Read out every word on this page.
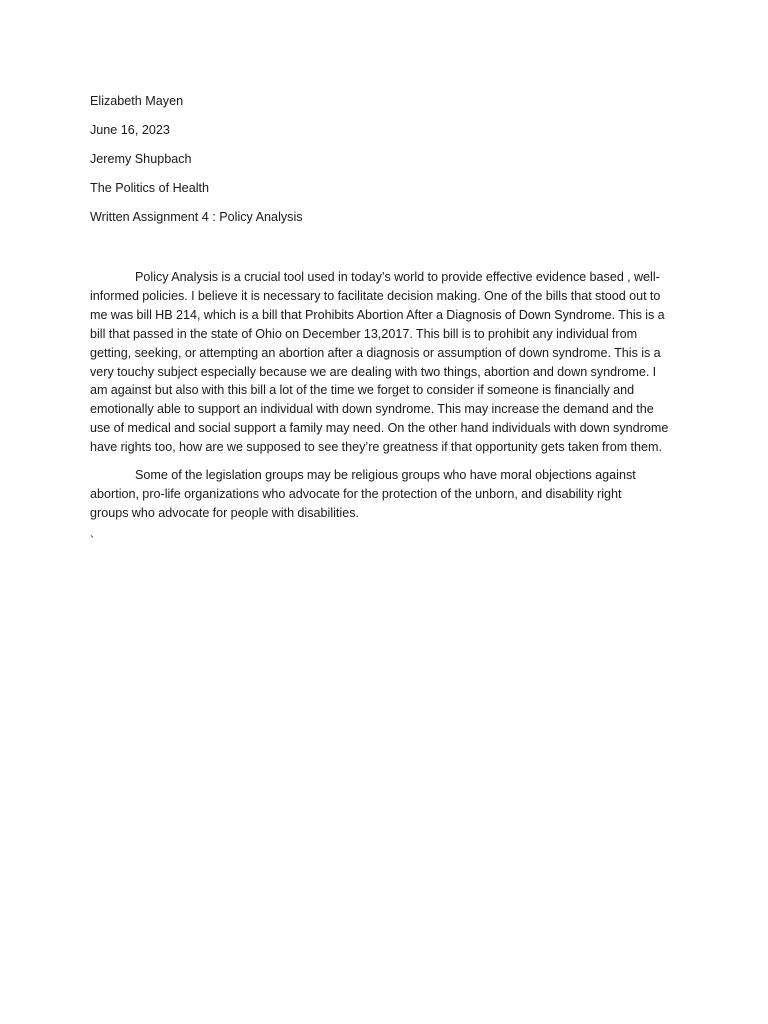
Elizabeth Mayen
June 16, 2023
Jeremy Shupbach
The Politics of Health
Written Assignment 4 : Policy Analysis

Policy Analysis is a crucial tool used in today’s world to provide effective evidence based , well-
informed policies. I believe it is necessary to facilitate decision making. One of the bills that stood out to
me was bill HB 214, which is a bill that Prohibits Abortion After a Diagnosis of Down Syndrome. This is a
bill that passed in the state of Ohio on December 13,2017. This bill is to prohibit any individual from
getting, seeking, or attempting an abortion after a diagnosis or assumption of down syndrome. This is a
very touchy subject especially because we are dealing with two things, abortion and down syndrome. I
am against but also with this bill a lot of the time we forget to consider if someone is financially and
emotionally able to support an individual with down syndrome. This may increase the demand and the
use of medical and social support a family may need. On the other hand individuals with down syndrome
have rights too, how are we supposed to see they’re greatness if that opportunity gets taken from them.

Some of the legislation groups may be religious groups who have moral objections against
abortion, pro-life organizations who advocate for the protection of the unborn, and disability right
groups who advocate for people with disabilities.

`
